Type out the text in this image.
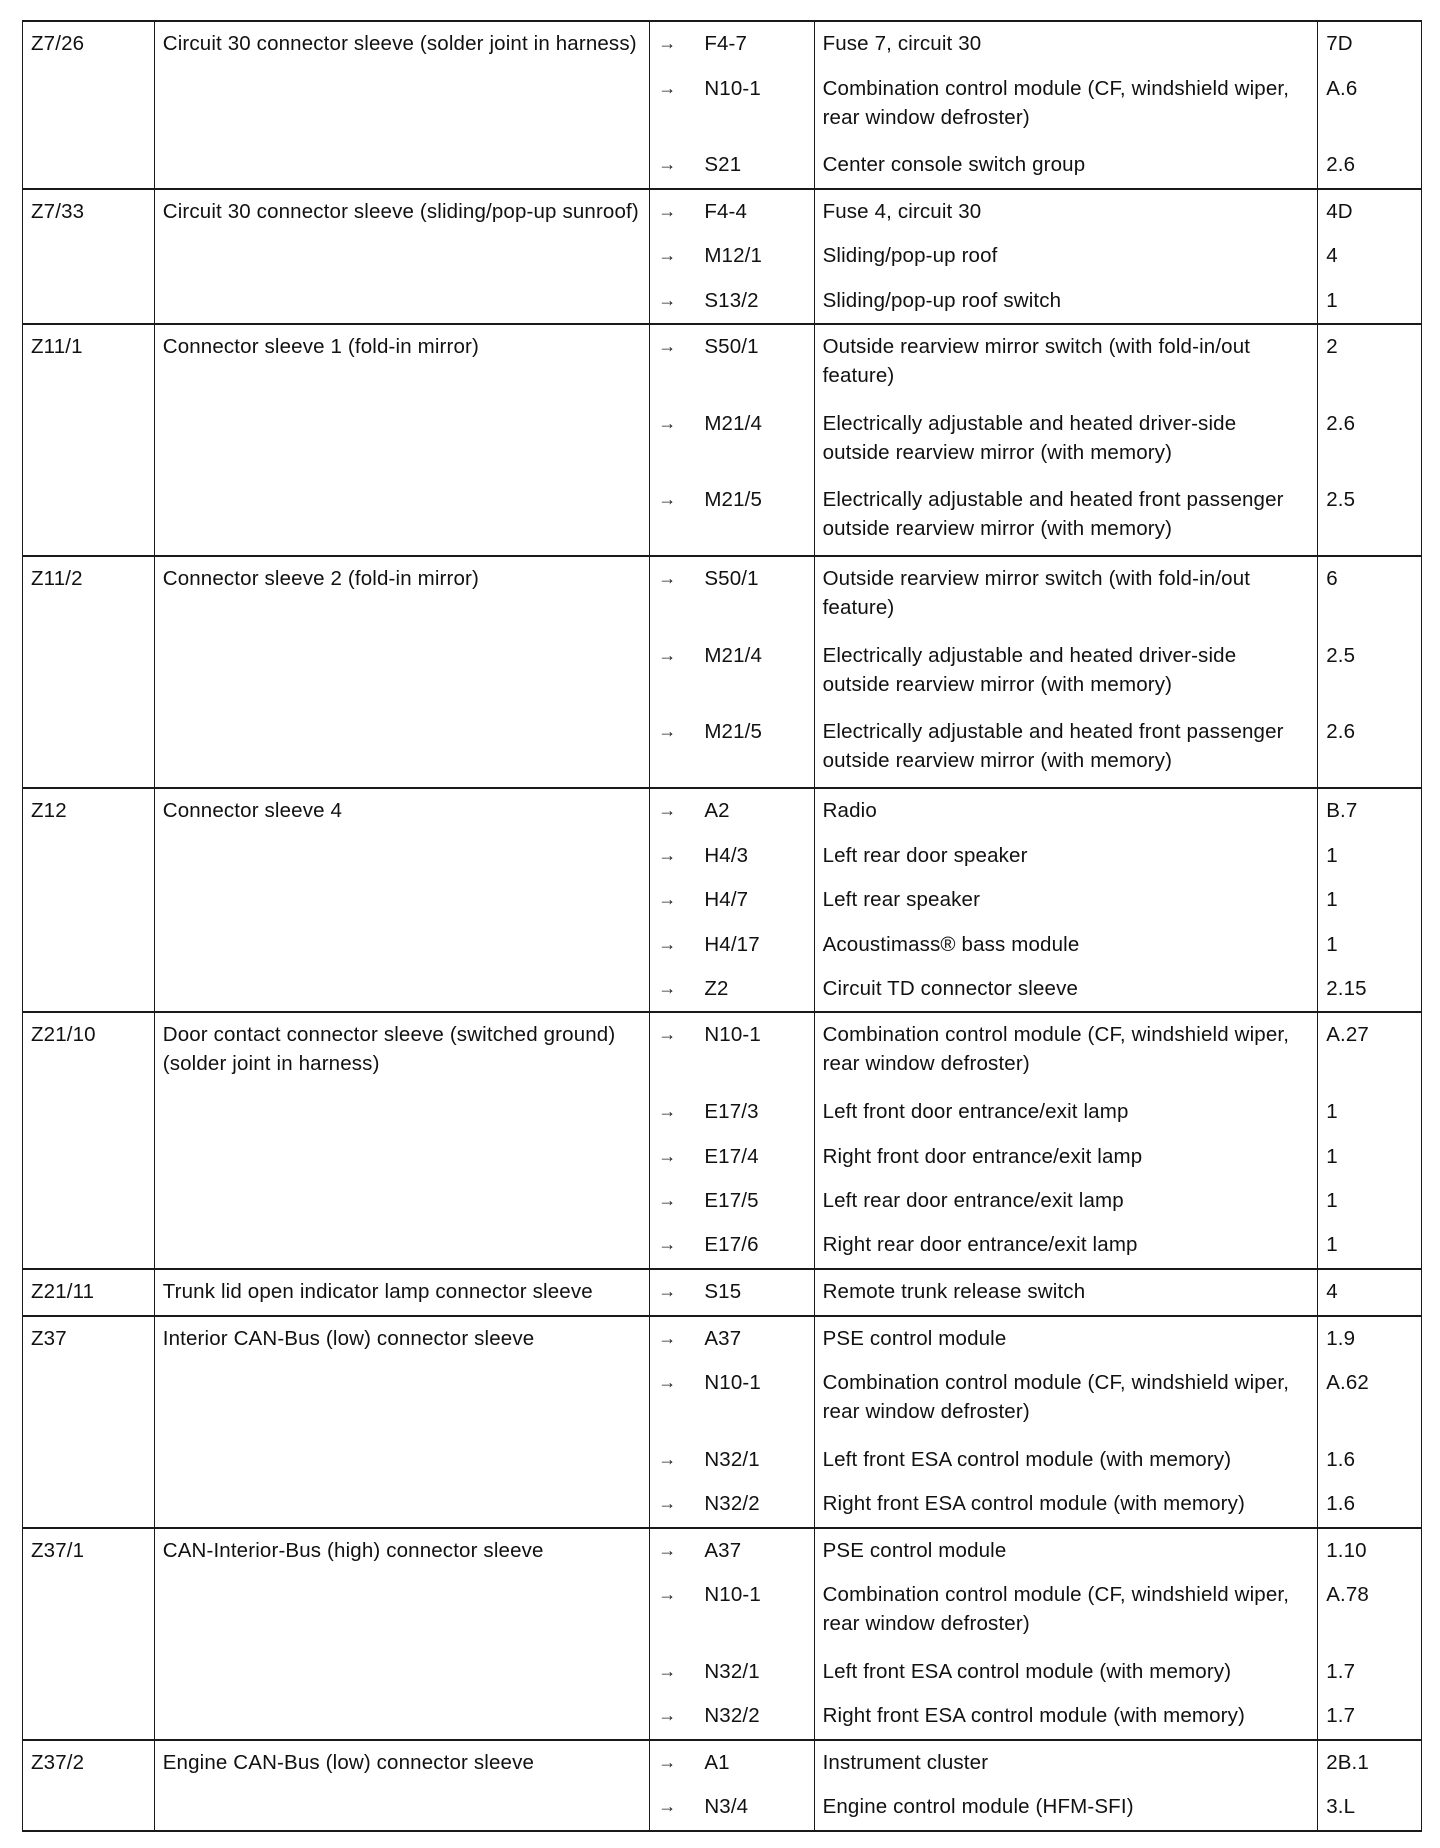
Z7/26	Circuit 30 connector sleeve (solder joint in harness)	→	F4-7	Fuse 7, circuit 30	7D
		→	N10-1	Combination control module (CF, windshield wiper, rear window defroster)	A.6
		→	S21	Center console switch group	2.6

Z7/33	Circuit 30 connector sleeve (sliding/pop-up sunroof)	→	F4-4	Fuse 4, circuit 30	4D
		→	M12/1	Sliding/pop-up roof	4
		→	S13/2	Sliding/pop-up roof switch	1

Z11/1	Connector sleeve 1 (fold-in mirror)	→	S50/1	Outside rearview mirror switch (with fold-in/out feature)	2
		→	M21/4	Electrically adjustable and heated driver-side outside rearview mirror (with memory)	2.6
		→	M21/5	Electrically adjustable and heated front passenger outside rearview mirror (with memory)	2.5

Z11/2	Connector sleeve 2 (fold-in mirror)	→	S50/1	Outside rearview mirror switch (with fold-in/out feature)	6
		→	M21/4	Electrically adjustable and heated driver-side outside rearview mirror (with memory)	2.5
		→	M21/5	Electrically adjustable and heated front passenger outside rearview mirror (with memory)	2.6

Z12	Connector sleeve 4	→	A2	Radio	B.7
		→	H4/3	Left rear door speaker	1
		→	H4/7	Left rear speaker	1
		→	H4/17	Acoustimass® bass module	1
		→	Z2	Circuit TD connector sleeve	2.15

Z21/10	Door contact connector sleeve (switched ground) (solder joint in harness)	→	N10-1	Combination control module (CF, windshield wiper, rear window defroster)	A.27
		→	E17/3	Left front door entrance/exit lamp	1
		→	E17/4	Right front door entrance/exit lamp	1
		→	E17/5	Left rear door entrance/exit lamp	1
		→	E17/6	Right rear door entrance/exit lamp	1

Z21/11	Trunk lid open indicator lamp connector sleeve	→	S15	Remote trunk release switch	4

Z37	Interior CAN-Bus (low) connector sleeve	→	A37	PSE control module	1.9
		→	N10-1	Combination control module (CF, windshield wiper, rear window defroster)	A.62
		→	N32/1	Left front ESA control module (with memory)	1.6
		→	N32/2	Right front ESA control module (with memory)	1.6

Z37/1	CAN-Interior-Bus (high) connector sleeve	→	A37	PSE control module	1.10
		→	N10-1	Combination control module (CF, windshield wiper, rear window defroster)	A.78
		→	N32/1	Left front ESA control module (with memory)	1.7
		→	N32/2	Right front ESA control module (with memory)	1.7

Z37/2	Engine CAN-Bus (low) connector sleeve	→	A1	Instrument cluster	2B.1
		→	N3/4	Engine control module (HFM-SFI)	3.L
